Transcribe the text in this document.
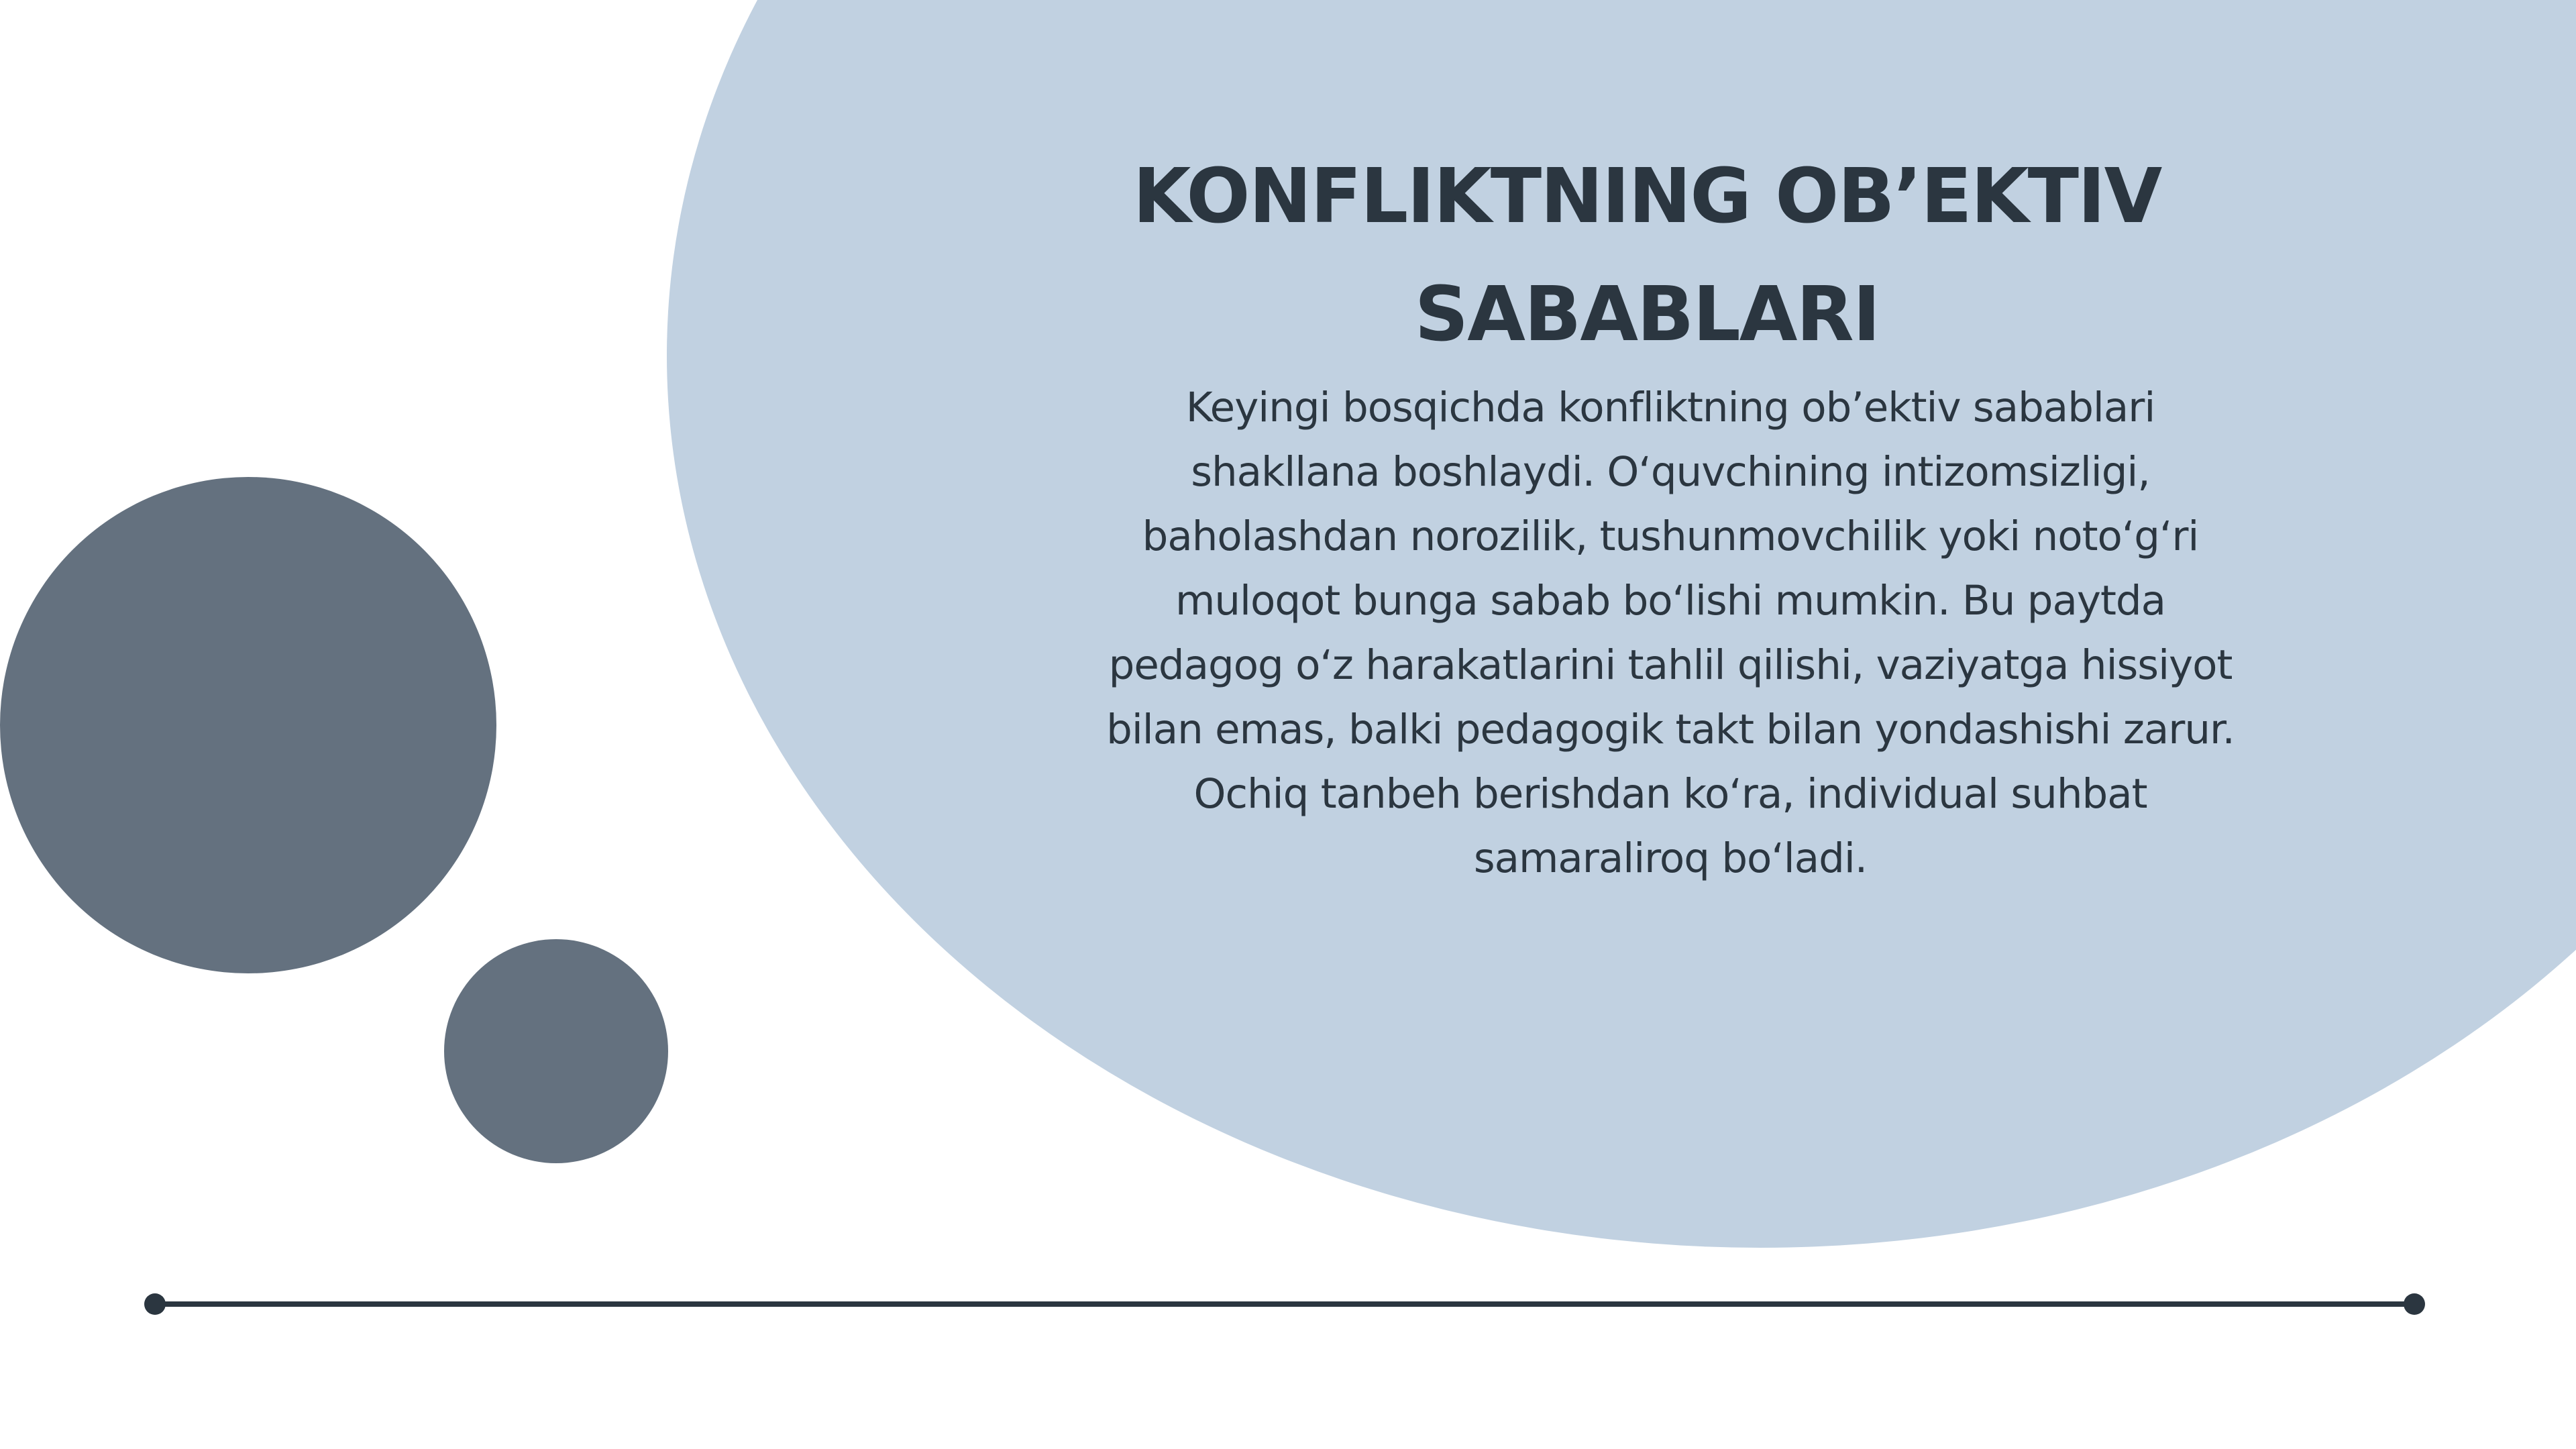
KONFLIKTNING OB’EKTIV SABABLARI

Keyingi bosqichda konfliktning ob’ektiv sabablari shakllana boshlaydi. O‘quvchining intizomsizligi, baholashdan norozilik, tushunmovchilik yoki noto‘g‘ri muloqot bunga sabab bo‘lishi mumkin. Bu paytda pedagog o‘z harakatlarini tahlil qilishi, vaziyatga hissiyot bilan emas, balki pedagogik takt bilan yondashishi zarur. Ochiq tanbeh berishdan ko‘ra, individual suhbat samaraliroq bo‘ladi.
